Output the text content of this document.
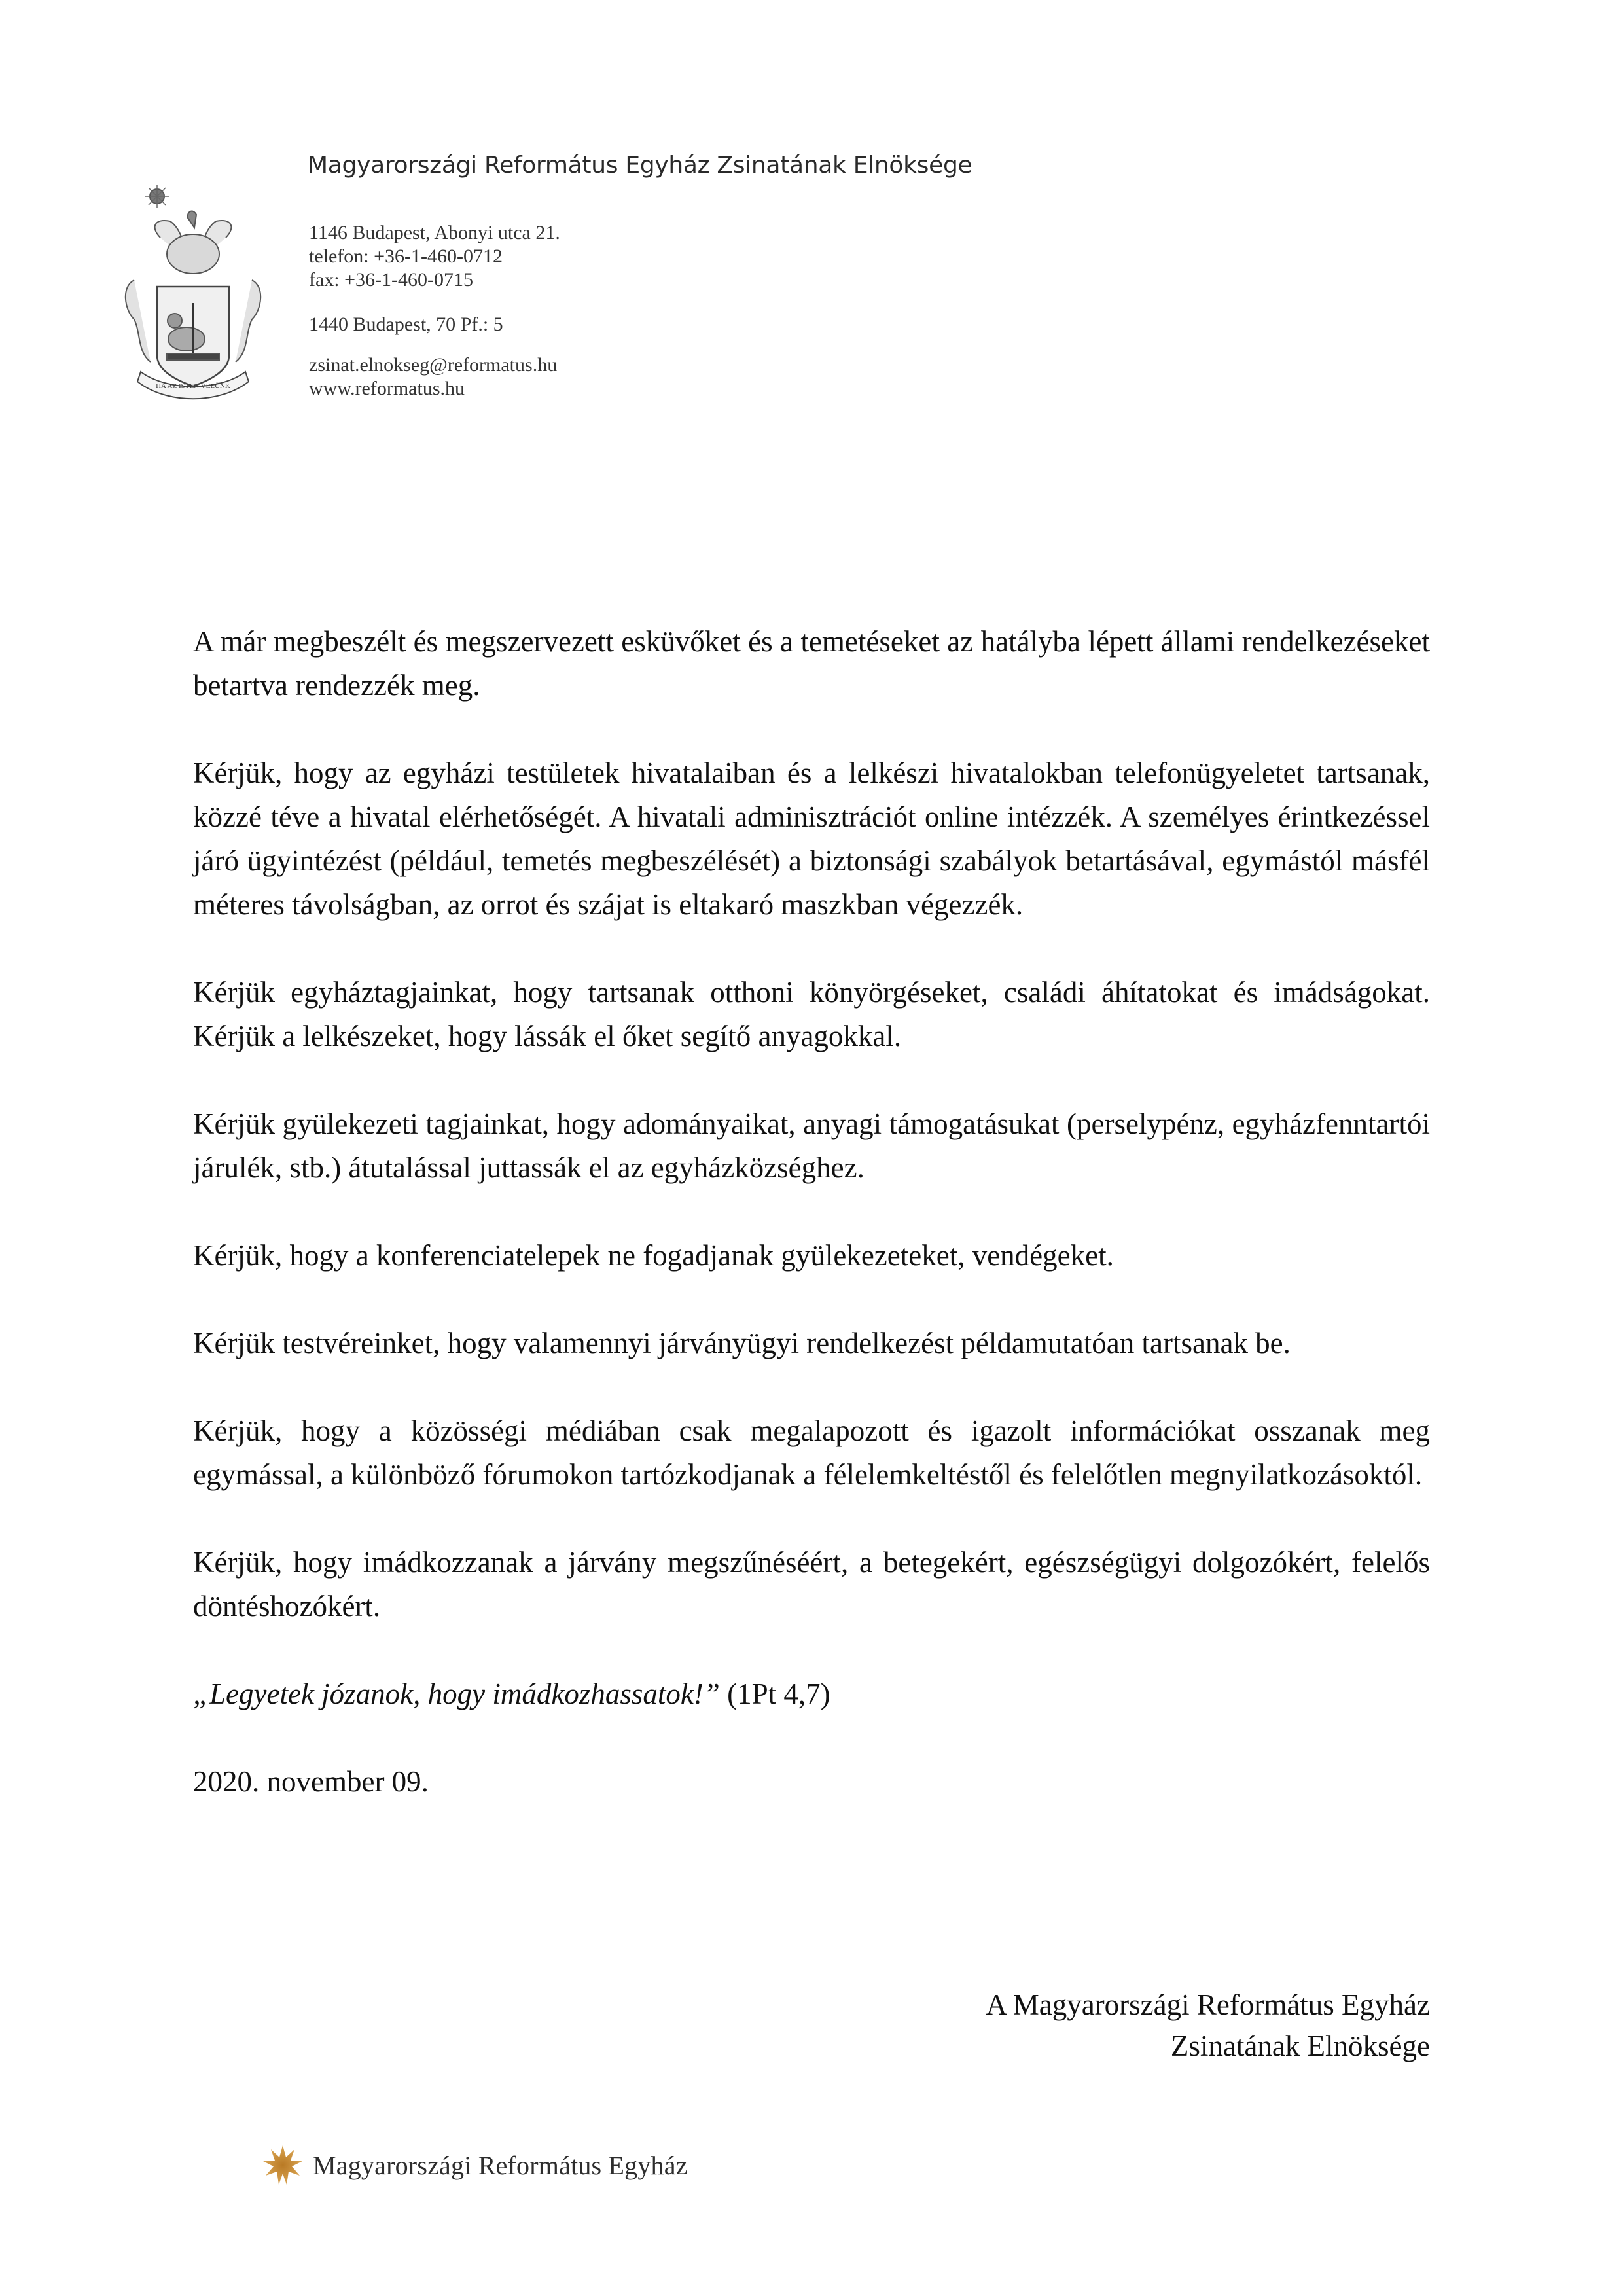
HA AZ ISTEN VELÜNK
Magyarországi Református Egyház Zsinatának Elnöksége
1146 Budapest, Abonyi utca 21.
telefon: +36-1-460-0712
fax: +36-1-460-0715
1440 Budapest, 70 Pf.: 5
zsinat.elnokseg@reformatus.hu
www.reformatus.hu

A már megbeszélt és megszervezett esküvőket és a temetéseket az hatályba lépett állami rendelkezéseket betartva rendezzék meg.

Kérjük, hogy az egyházi testületek hivatalaiban és a lelkészi hivatalokban telefonügyeletet tartsanak, közzé téve a hivatal elérhetőségét. A hivatali adminisztrációt online intézzék. A személyes érintkezéssel járó ügyintézést (például, temetés megbeszélését) a biztonsági szabályok betartásával, egymástól másfél méteres távolságban, az orrot és szájat is eltakaró maszkban végezzék.

Kérjük egyháztagjainkat, hogy tartsanak otthoni könyörgéseket, családi áhítatokat és imádságokat. Kérjük a lelkészeket, hogy lássák el őket segítő anyagokkal.

Kérjük gyülekezeti tagjainkat, hogy adományaikat, anyagi támogatásukat (perselypénz, egyházfenntartói járulék, stb.) átutalással juttassák el az egyházközséghez.

Kérjük, hogy a konferenciatelepek ne fogadjanak gyülekezeteket, vendégeket.

Kérjük testvéreinket, hogy valamennyi járványügyi rendelkezést példamutatóan tartsanak be.

Kérjük, hogy a közösségi médiában csak megalapozott és igazolt információkat osszanak meg egymással, a különböző fórumokon tartózkodjanak a félelemkeltéstől és felelőtlen megnyilatkozásoktól.

Kérjük, hogy imádkozzanak a járvány megszűnéséért, a betegekért, egészségügyi dolgozókért, felelős döntéshozókért.

„Legyetek józanok, hogy imádkozhassatok!” (1Pt 4,7)

2020. november 09.

A Magyarországi Református Egyház
Zsinatának Elnöksége
Magyarországi Református Egyház
